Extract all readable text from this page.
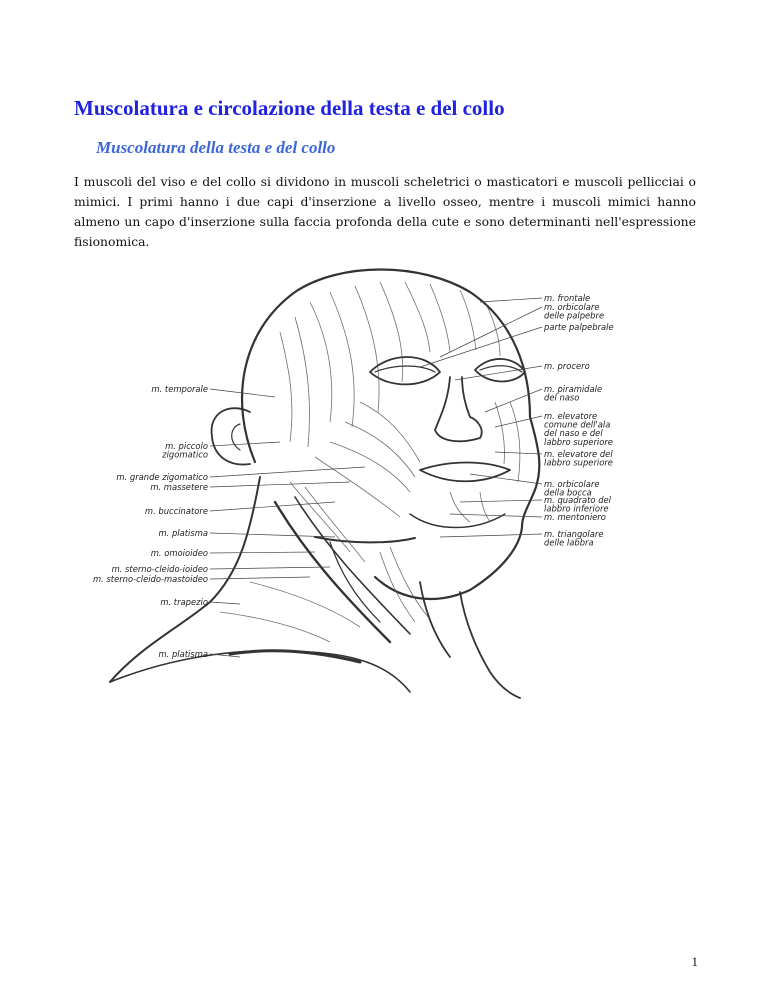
Muscolatura e circolazione della testa e del collo
Muscolatura della testa e del collo

I muscoli del viso e del collo si dividono in muscoli scheletrici o masticatori e muscoli pellicciai o mimici. I primi hanno i due capi d'inserzione a livello osseo, mentre i muscoli mimici hanno almeno un capo d'inserzione sulla faccia profonda della cute e sono determinanti nell'espressione fisionomica.

m. frontale
m. orbicolare delle palpebre
parte palpebrale
m. procero
m. piramidale del naso
m. elevatore comune dell'ala del naso e del labbro superiore
m. elevatore del labbro superiore
m. orbicolare della bocca
m. quadrato del labbro inferiore
m. mentoniero
m. triangolare delle labbra
m. temporale
m. piccolo zigomatico
m. grande zigomatico
m. massetere
m. buccinatore
m. platisma
m. omoioideo
m. sterno-cleido-ioideo
m. sterno-cleido-mastoideo
m. trapezio
m. platisma

1
